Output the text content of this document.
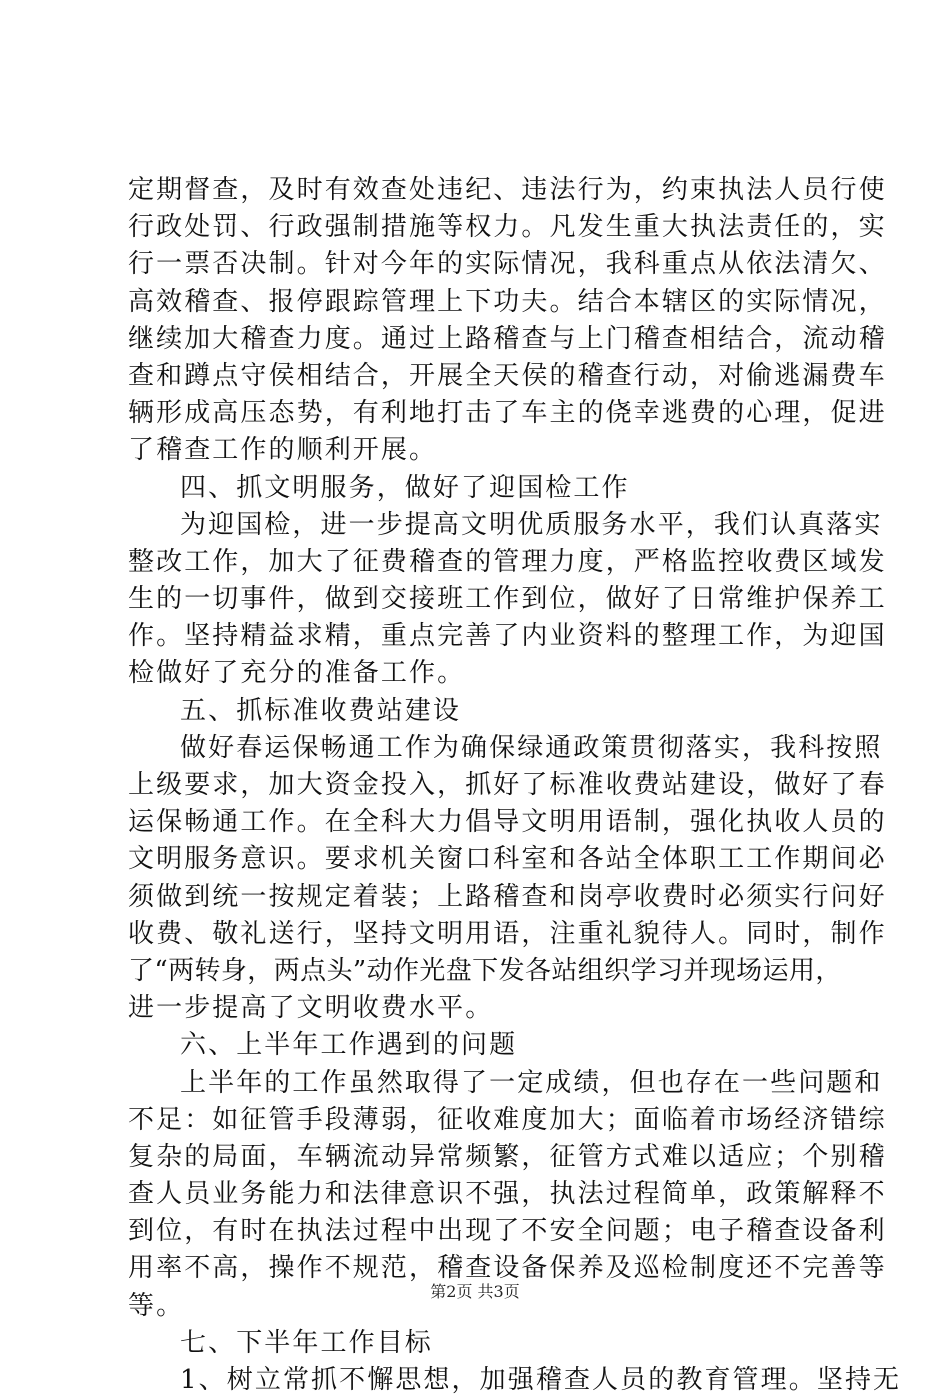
定期督查，及时有效查处违纪、违法行为，约束执法人员行使
行政处罚、行政强制措施等权力。凡发生重大执法责任的，实
行一票否决制。针对今年的实际情况，我科重点从依法清欠、
高效稽查、报停跟踪管理上下功夫。结合本辖区的实际情况，
继续加大稽查力度。通过上路稽查与上门稽查相结合，流动稽
查和蹲点守侯相结合，开展全天侯的稽查行动，对偷逃漏费车
辆形成高压态势，有利地打击了车主的侥幸逃费的心理，促进
了稽查工作的顺利开展。
四、抓文明服务，做好了迎国检工作
为迎国检，进一步提高文明优质服务水平，我们认真落实
整改工作，加大了征费稽查的管理力度，严格监控收费区域发
生的一切事件，做到交接班工作到位，做好了日常维护保养工
作。坚持精益求精，重点完善了内业资料的整理工作，为迎国
检做好了充分的准备工作。
五、抓标准收费站建设
做好春运保畅通工作为确保绿通政策贯彻落实，我科按照
上级要求，加大资金投入，抓好了标准收费站建设，做好了春
运保畅通工作。在全科大力倡导文明用语制，强化执收人员的
文明服务意识。要求机关窗口科室和各站全体职工工作期间必
须做到统一按规定着装；上路稽查和岗亭收费时必须实行问好
收费、敬礼送行，坚持文明用语，注重礼貌待人。同时，制作
了“两转身，两点头”动作光盘下发各站组织学习并现场运用，
进一步提高了文明收费水平。
六、上半年工作遇到的问题
上半年的工作虽然取得了一定成绩，但也存在一些问题和
不足：如征管手段薄弱，征收难度加大；面临着市场经济错综
复杂的局面，车辆流动异常频繁，征管方式难以适应；个别稽
查人员业务能力和法律意识不强，执法过程简单，政策解释不
到位，有时在执法过程中出现了不安全问题；电子稽查设备利
用率不高，操作不规范，稽查设备保养及巡检制度还不完善等
等。
七、下半年工作目标
1、树立常抓不懈思想，加强稽查人员的教育管理。坚持无
第2页 共3页
